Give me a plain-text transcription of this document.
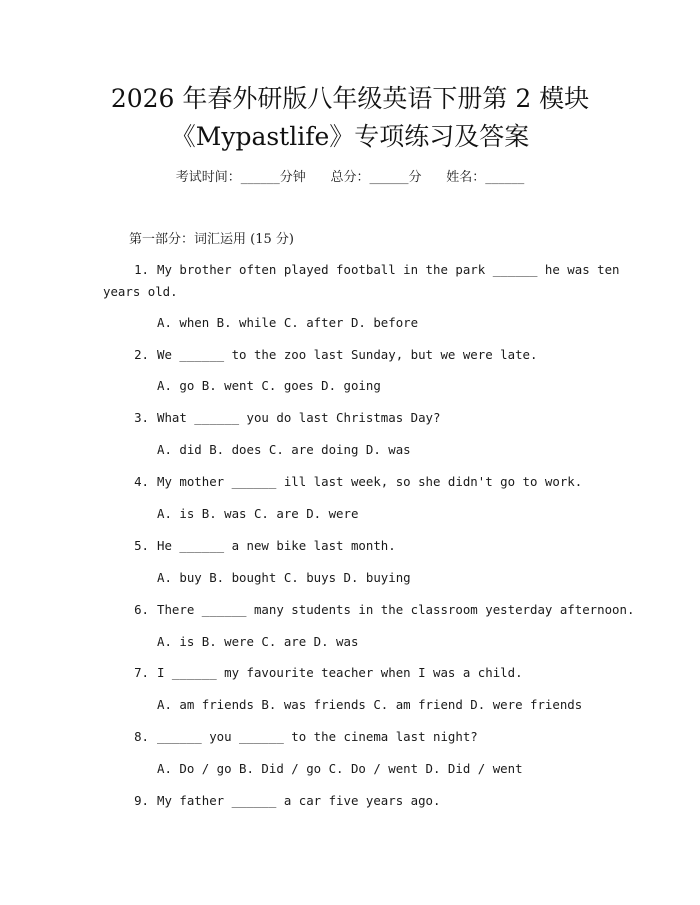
2026 年春外研版八年级英语下册第 2 模块
《Mypastlife》专项练习及答案
考试时间：______分钟      总分：______分      姓名：______
第一部分：词汇运用 (15 分)
1. My brother often played football in the park ______ he was ten
years old.
A. when B. while C. after D. before
2. We ______ to the zoo last Sunday, but we were late.
A. go B. went C. goes D. going
3. What ______ you do last Christmas Day?
A. did B. does C. are doing D. was
4. My mother ______ ill last week, so she didn't go to work.
A. is B. was C. are D. were
5. He ______ a new bike last month.
A. buy B. bought C. buys D. buying
6. There ______ many students in the classroom yesterday afternoon.
A. is B. were C. are D. was
7. I ______ my favourite teacher when I was a child.
A. am friends B. was friends C. am friend D. were friends
8. ______ you ______ to the cinema last night?
A. Do / go B. Did / go C. Do / went D. Did / went
9. My father ______ a car five years ago.
